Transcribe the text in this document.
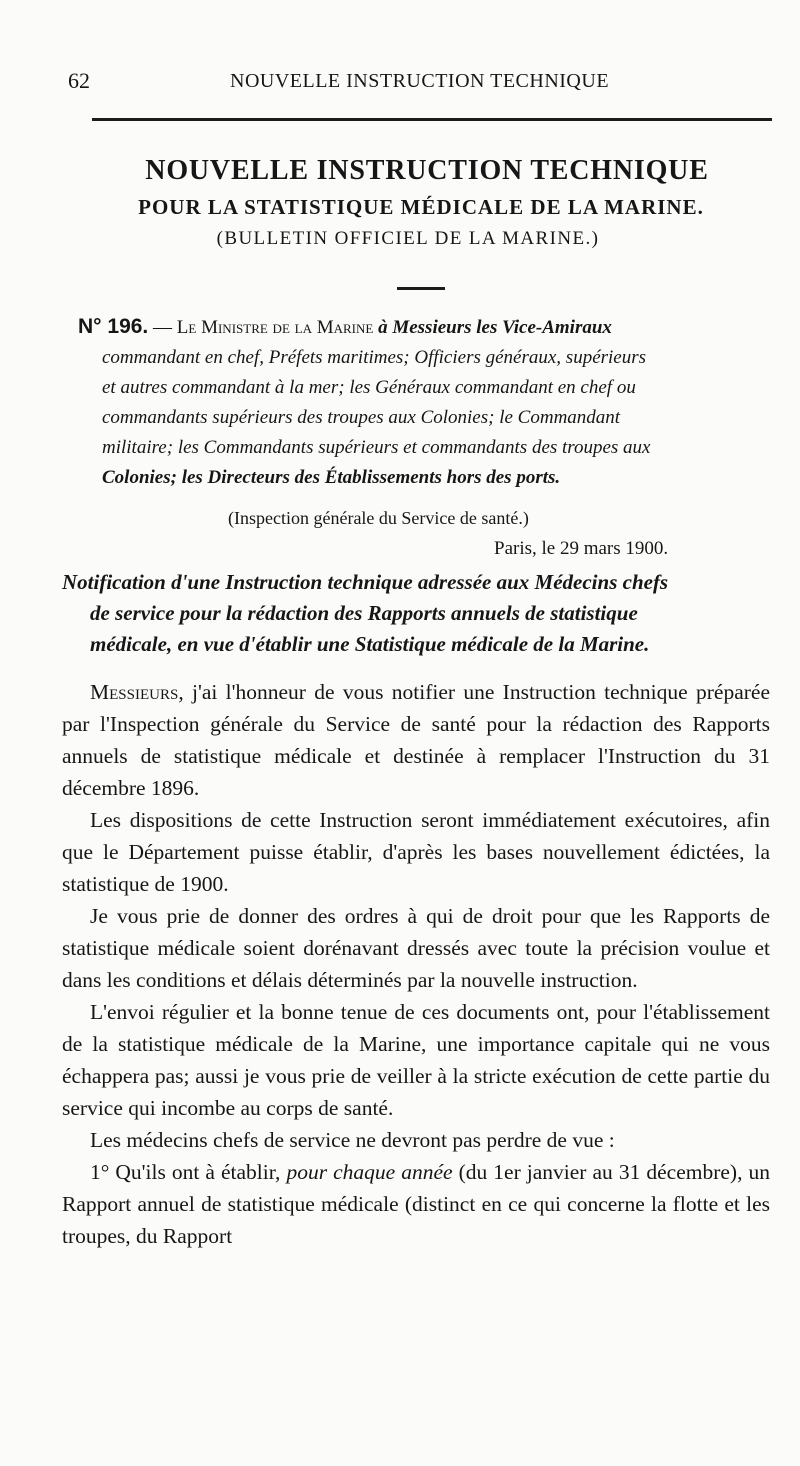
62	NOUVELLE INSTRUCTION TECHNIQUE
NOUVELLE INSTRUCTION TECHNIQUE
POUR LA STATISTIQUE MÉDICALE DE LA MARINE.
(BULLETIN OFFICIEL DE LA MARINE.)
N° 196. — Le Ministre de la Marine à Messieurs les Vice-Amiraux
commandant en chef, Préfets maritimes; Officiers généraux, supérieurs
et autres commandant à la mer; les Généraux commandant en chef ou
commandants supérieurs des troupes aux Colonies; le Commandant
militaire; les Commandants supérieurs et commandants des troupes aux
Colonies; les Directeurs des Établissements hors des ports.
(Inspection générale du Service de santé.)
Paris, le 29 mars 1900.
Notification d'une Instruction technique adressée aux Médecins chefs
de service pour la rédaction des Rapports annuels de statistique
médicale, en vue d'établir une Statistique médicale de la Marine.

Messieurs, j'ai l'honneur de vous notifier une Instruction technique préparée par l'Inspection générale du Service de santé pour la rédaction des Rapports annuels de statistique médicale et destinée à remplacer l'Instruction du 31 décembre 1896.

Les dispositions de cette Instruction seront immédiatement exécutoires, afin que le Département puisse établir, d'après les bases nouvellement édictées, la statistique de 1900.

Je vous prie de donner des ordres à qui de droit pour que les Rapports de statistique médicale soient dorénavant dressés avec toute la précision voulue et dans les conditions et délais déterminés par la nouvelle instruction.

L'envoi régulier et la bonne tenue de ces documents ont, pour l'établissement de la statistique médicale de la Marine, une importance capitale qui ne vous échappera pas; aussi je vous prie de veiller à la stricte exécution de cette partie du service qui incombe au corps de santé.

Les médecins chefs de service ne devront pas perdre de vue :

1° Qu'ils ont à établir, pour chaque année (du 1er janvier au 31 décembre), un Rapport annuel de statistique médicale (distinct en ce qui concerne la flotte et les troupes, du Rapport
